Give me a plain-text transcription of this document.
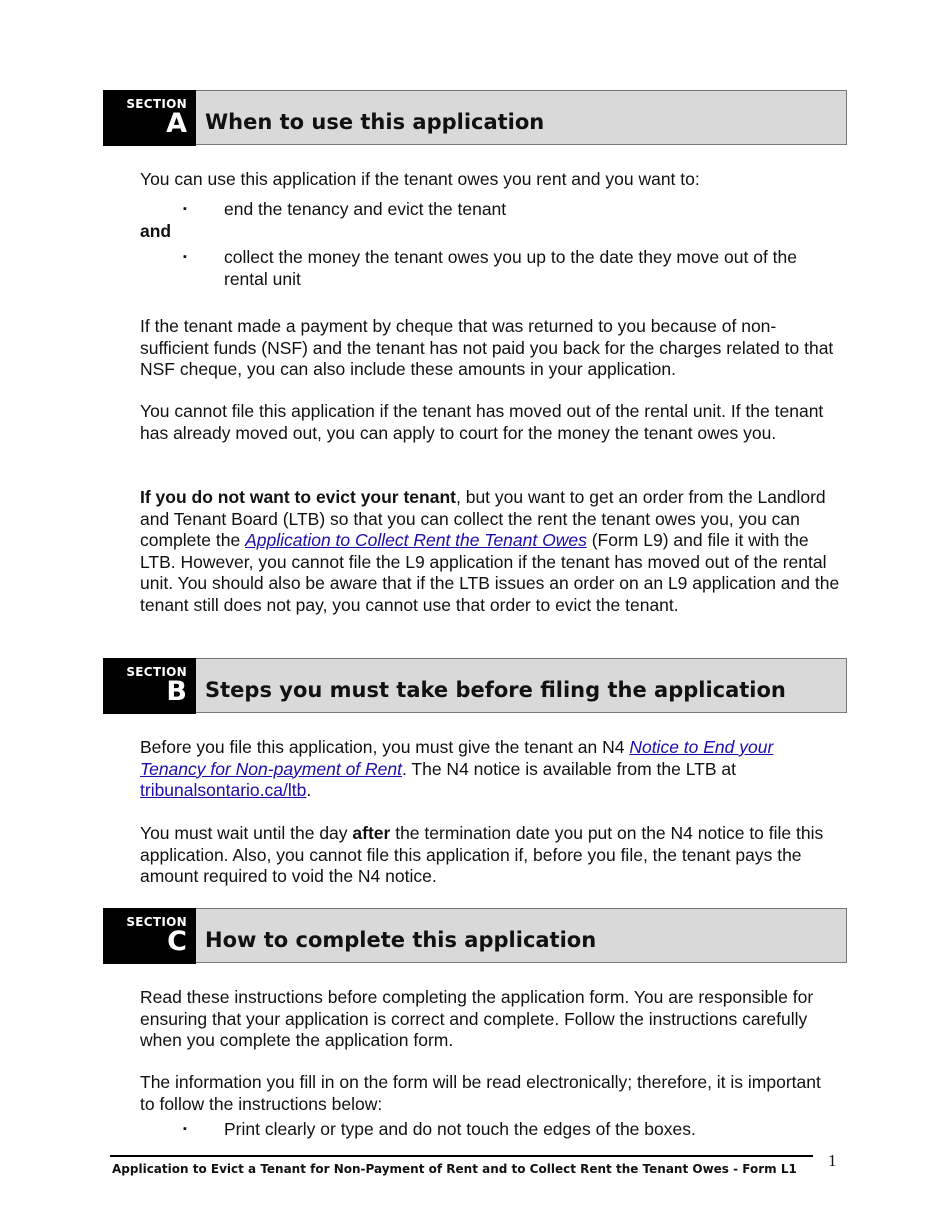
SECTION
A When to use this application
You can use this application if the tenant owes you rent and you want to:
▪ end the tenancy and evict the tenant
and
▪ collect the money the tenant owes you up to the date they move out of the rental unit
If the tenant made a payment by cheque that was returned to you because of non-sufficient funds (NSF) and the tenant has not paid you back for the charges related to that NSF cheque, you can also include these amounts in your application.
You cannot file this application if the tenant has moved out of the rental unit. If the tenant has already moved out, you can apply to court for the money the tenant owes you.
If you do not want to evict your tenant, but you want to get an order from the Landlord and Tenant Board (LTB) so that you can collect the rent the tenant owes you, you can complete the Application to Collect Rent the Tenant Owes (Form L9) and file it with the LTB. However, you cannot file the L9 application if the tenant has moved out of the rental unit. You should also be aware that if the LTB issues an order on an L9 application and the tenant still does not pay, you cannot use that order to evict the tenant.
SECTION
B Steps you must take before filing the application
Before you file this application, you must give the tenant an N4 Notice to End your Tenancy for Non-payment of Rent. The N4 notice is available from the LTB at tribunalsontario.ca/ltb.
You must wait until the day after the termination date you put on the N4 notice to file this application. Also, you cannot file this application if, before you file, the tenant pays the amount required to void the N4 notice.
SECTION
C How to complete this application
Read these instructions before completing the application form. You are responsible for ensuring that your application is correct and complete. Follow the instructions carefully when you complete the application form.
The information you fill in on the form will be read electronically; therefore, it is important to follow the instructions below:
▪ Print clearly or type and do not touch the edges of the boxes.
Application to Evict a Tenant for Non-Payment of Rent and to Collect Rent the Tenant Owes - Form L1 1
